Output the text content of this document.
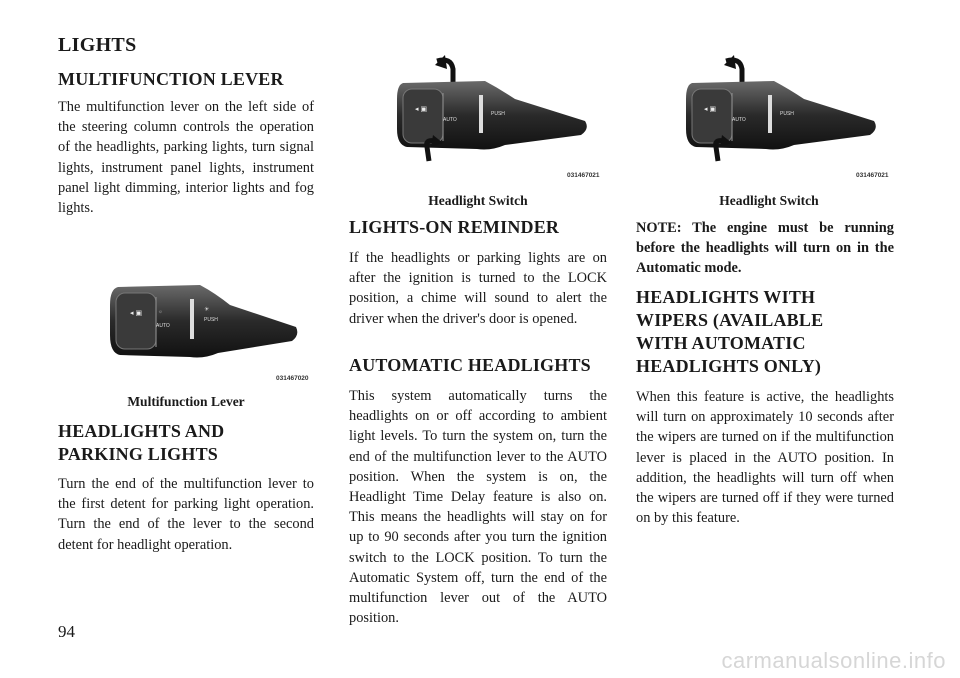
LIGHTS
MULTIFUNCTION LEVER

The multifunction lever on the left side of the steering column controls the operation of the headlights, parking lights, turn signal lights, instrument panel lights, instrument panel light dimming, interior lights and fog lights.

◂ ▣	☼
AUTO
PUSH
☀
031467020
Multifunction Lever
HEADLIGHTS AND
PARKING LIGHTS

Turn the end of the multifunction lever to the first detent for parking light operation. Turn the end of the lever to the second detent for headlight operation.

◂ ▣
AUTO
PUSH
031467021
Headlight Switch
LIGHTS-ON REMINDER

If the headlights or parking lights are on after the ignition is turned to the LOCK position, a chime will sound to alert the driver when the driver's door is opened.

AUTOMATIC HEADLIGHTS

This system automatically turns the headlights on or off according to ambient light levels. To turn the system on, turn the end of the multifunction lever to the AUTO position. When the system is on, the Headlight Time Delay feature is also on. This means the headlights will stay on for up to 90 seconds after you turn the ignition switch to the LOCK position. To turn the Automatic System off, turn the end of the multifunction lever out of the AUTO position.

◂ ▣
AUTO
PUSH
031467021
Headlight Switch

NOTE: The engine must be running before the headlights will turn on in the Automatic mode.

HEADLIGHTS WITH
WIPERS (AVAILABLE
WITH AUTOMATIC
HEADLIGHTS ONLY)

When this feature is active, the headlights will turn on approximately 10 seconds after the wipers are turned on if the multifunction lever is placed in the AUTO position. In addition, the headlights will turn off when the wipers are turned off if they were turned on by this feature.

94
carmanualsonline.info
